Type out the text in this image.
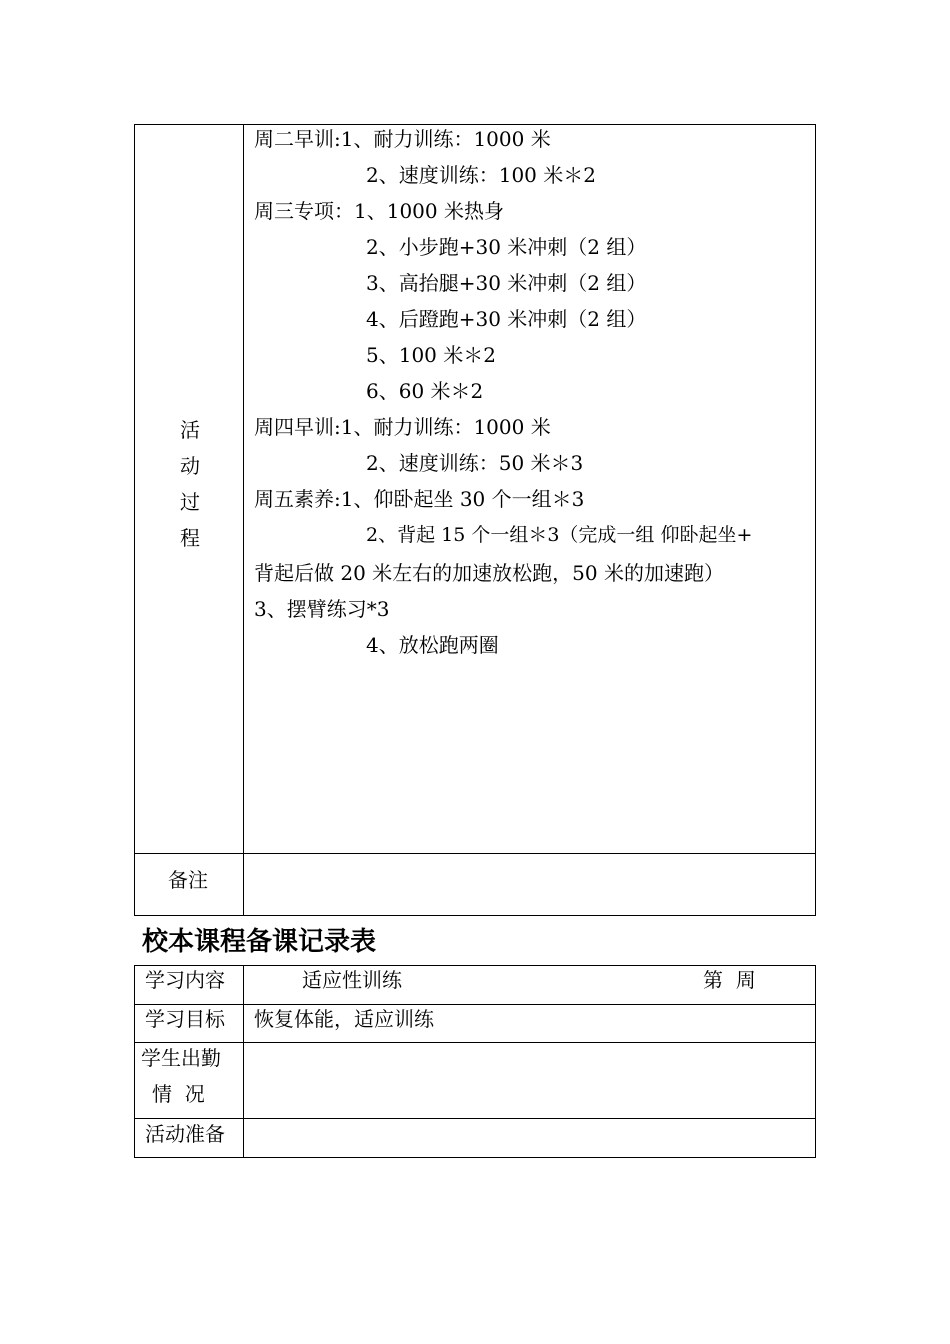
活
动
过
程
周二早训:1、耐力训练：1000 米
2、速度训练：100 米＊2
周三专项：1、1000 米热身
2、小步跑+30 米冲刺（2 组）
3、高抬腿+30 米冲刺（2 组）
4、后蹬跑+30 米冲刺（2 组）
5、100 米＊2
6、60 米＊2
周四早训:1、耐力训练：1000 米
2、速度训练：50 米＊3
周五素养:1、仰卧起坐 30 个一组＊3
2、背起 15 个一组＊3（完成一组 仰卧起坐+
背起后做 20 米左右的加速放松跑，50 米的加速跑）
3、摆臂练习*3
4、放松跑两圈
备注
校本课程备课记录表
学习内容	适应性训练	第  周
学习目标 恢复体能，适应训练
学生出勤
情  况
活动准备
